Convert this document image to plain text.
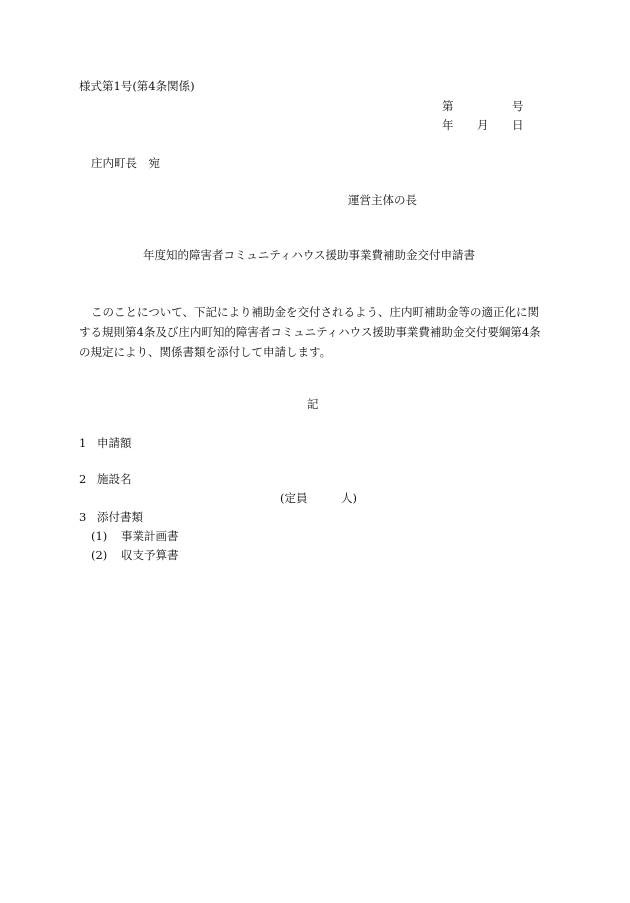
様式第1号(第4条関係)
第	号
年 月 日
庄内町長　宛
運営主体の長
年度知的障害者コミュニティハウス援助事業費補助金交付申請書
このことについて、下記により補助金を交付されるよう、庄内町補助金等の適正化に関
する規則第4条及び庄内町知的障害者コミュニティハウス援助事業費補助金交付要綱第4条
の規定により、関係書類を添付して申請します。
記
1 申請額
2 施設名
(定員	人)
3 添付書類
(1) 事業計画書
(2) 収支予算書
